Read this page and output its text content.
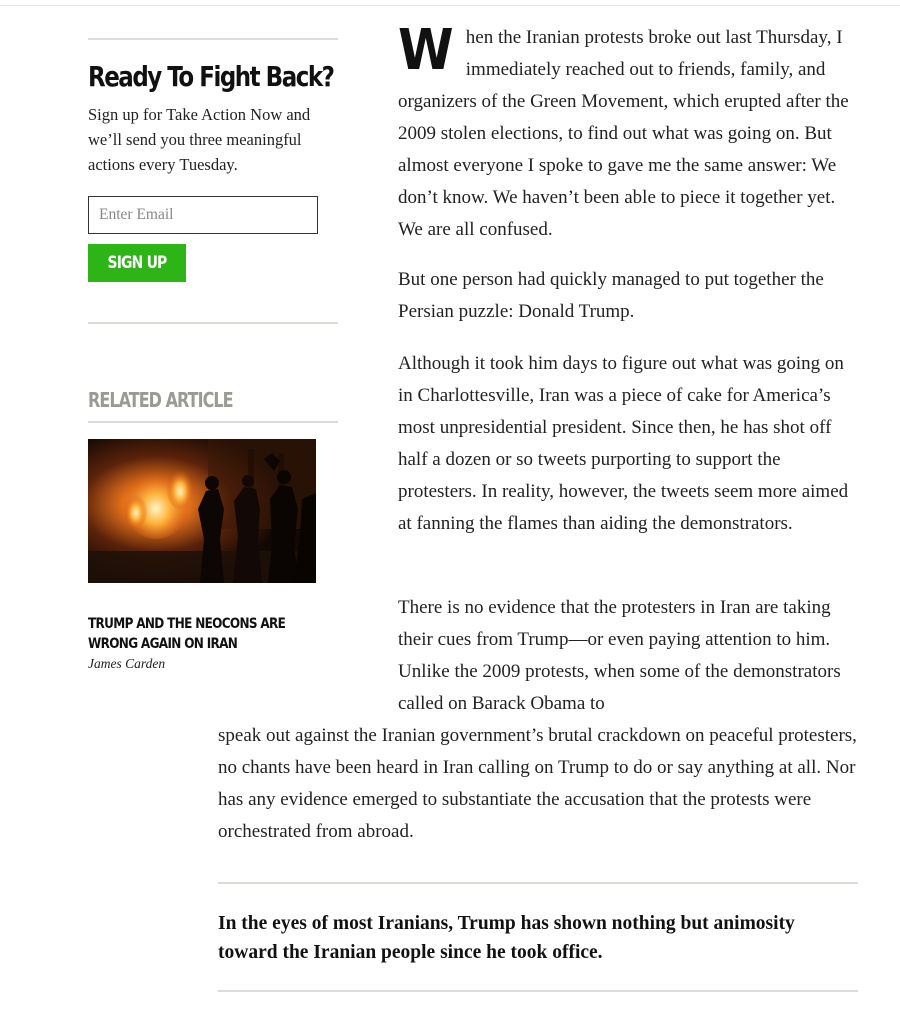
Ready To Fight Back?

Sign up for Take Action Now and we’ll send you three meaningful actions every Tuesday.

Enter Email
SIGN UP
RELATED ARTICLE
TRUMP AND THE NEOCONS ARE WRONG AGAIN ON IRAN

James Carden

W hen the Iranian protests broke out last Thursday, I immediately reached out to friends, family, and organizers of the Green Movement, which erupted after the 2009 stolen elections, to find out what was going on. But almost everyone I spoke to gave me the same answer: We don’t know. We haven’t been able to piece it together yet. We are all confused.

But one person had quickly managed to put together the Persian puzzle: Donald Trump.

Although it took him days to figure out what was going on in Charlottesville, Iran was a piece of cake for America’s most unpresidential president. Since then, he has shot off half a dozen or so tweets purporting to support the protesters. In reality, however, the tweets seem more aimed at fanning the flames than aiding the demonstrators.

There is no evidence that the protesters in Iran are taking their cues from Trump—or even paying attention to him. Unlike the 2009 protests, when some of the demonstrators called on Barack Obama to

speak out against the Iranian government’s brutal crackdown on peaceful protesters, no chants have been heard in Iran calling on Trump to do or say anything at all. Nor has any evidence emerged to substantiate the accusation that the protests were orchestrated from abroad.

In the eyes of most Iranians, Trump has shown nothing but animosity toward the Iranian people since he took office.
